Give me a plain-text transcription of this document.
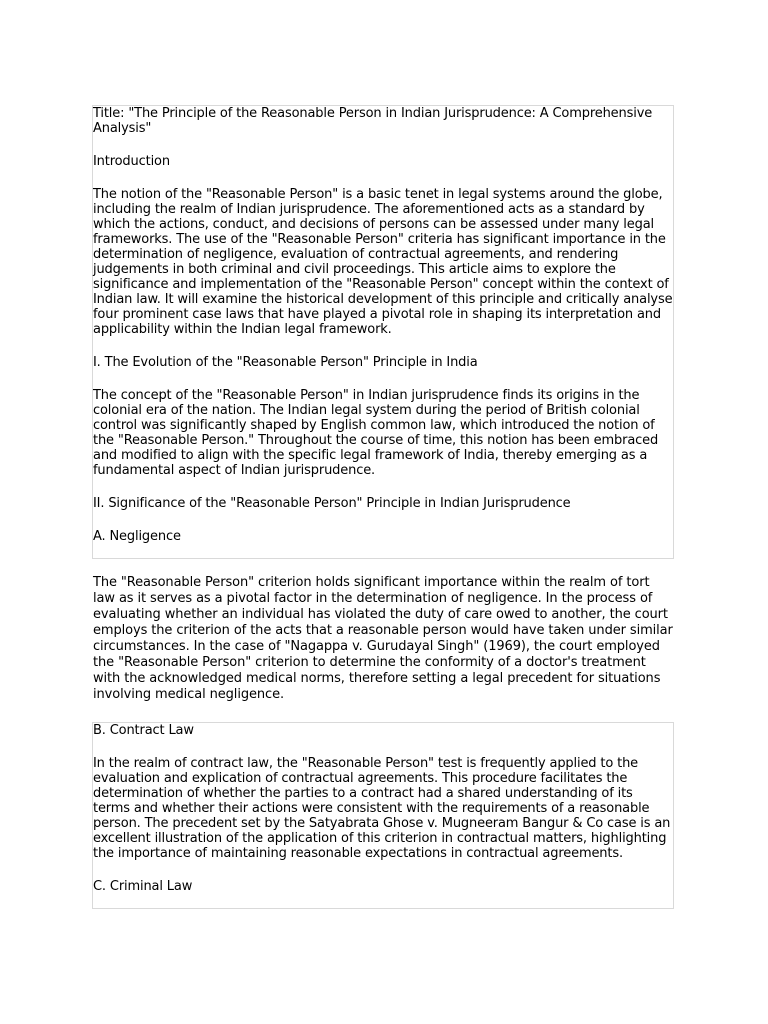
Title: "The Principle of the Reasonable Person in Indian Jurisprudence: A Comprehensive Analysis"

Introduction

The notion of the "Reasonable Person" is a basic tenet in legal systems around the globe, including the realm of Indian jurisprudence. The aforementioned acts as a standard by which the actions, conduct, and decisions of persons can be assessed under many legal frameworks. The use of the "Reasonable Person" criteria has significant importance in the determination of negligence, evaluation of contractual agreements, and rendering judgements in both criminal and civil proceedings. This article aims to explore the significance and implementation of the "Reasonable Person" concept within the context of Indian law. It will examine the historical development of this principle and critically analyse four prominent case laws that have played a pivotal role in shaping its interpretation and applicability within the Indian legal framework.

I. The Evolution of the "Reasonable Person" Principle in India

The concept of the "Reasonable Person" in Indian jurisprudence finds its origins in the colonial era of the nation. The Indian legal system during the period of British colonial control was significantly shaped by English common law, which introduced the notion of the "Reasonable Person." Throughout the course of time, this notion has been embraced and modified to align with the specific legal framework of India, thereby emerging as a fundamental aspect of Indian jurisprudence.

II. Significance of the "Reasonable Person" Principle in Indian Jurisprudence

A. Negligence

The "Reasonable Person" criterion holds significant importance within the realm of tort law as it serves as a pivotal factor in the determination of negligence. In the process of evaluating whether an individual has violated the duty of care owed to another, the court employs the criterion of the acts that a reasonable person would have taken under similar circumstances. In the case of "Nagappa v. Gurudayal Singh" (1969), the court employed the "Reasonable Person" criterion to determine the conformity of a doctor's treatment with the acknowledged medical norms, therefore setting a legal precedent for situations involving medical negligence.

B. Contract Law

In the realm of contract law, the "Reasonable Person" test is frequently applied to the evaluation and explication of contractual agreements. This procedure facilitates the determination of whether the parties to a contract had a shared understanding of its terms and whether their actions were consistent with the requirements of a reasonable person. The precedent set by the Satyabrata Ghose v. Mugneeram Bangur & Co case is an excellent illustration of the application of this criterion in contractual matters, highlighting the importance of maintaining reasonable expectations in contractual agreements.

C. Criminal Law
